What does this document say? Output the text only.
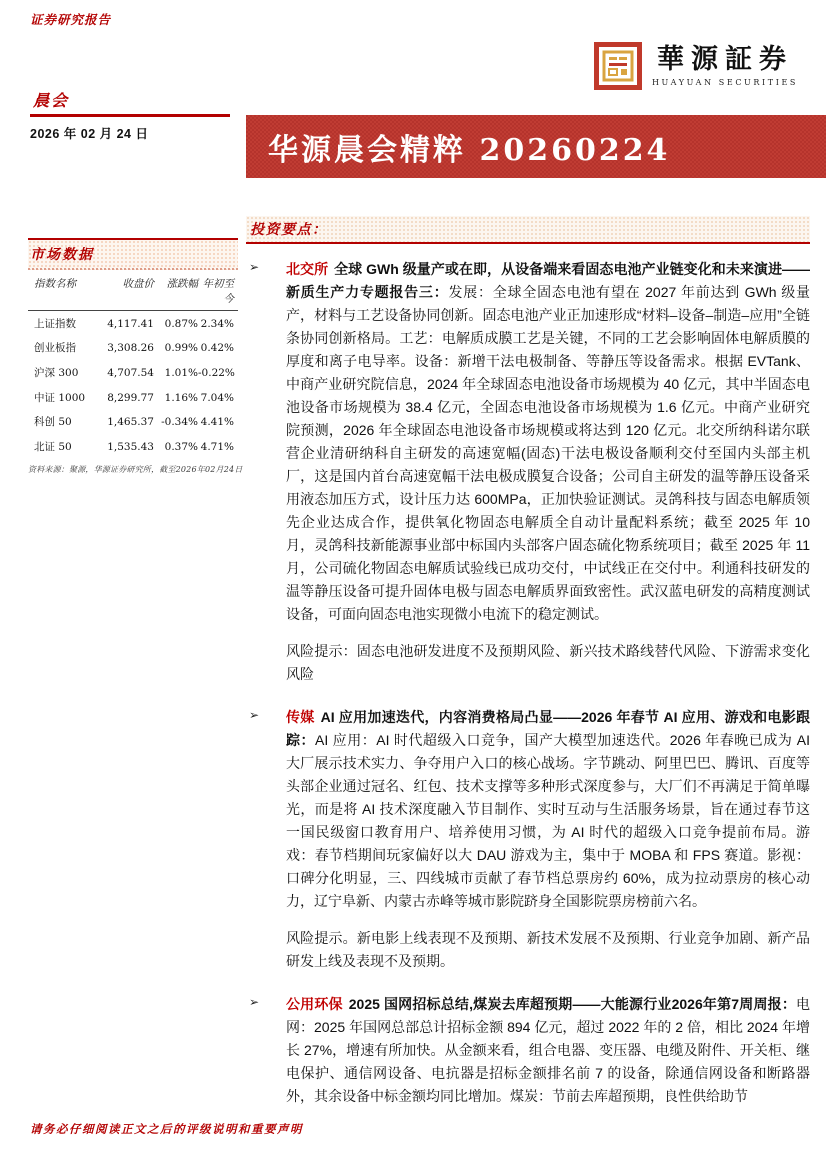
证券研究报告
華源証券
HUAYUAN SECURITIES
晨会
2026 年 02 月 24 日
市场数据
指数名称	收盘价	涨跌幅 年初至今
上证指数	4,117.41	0.87% 2.34%
创业板指	3,308.26	0.99% 0.42%
沪深 300	4,707.54	1.01% -0.22%
中证 1000	8,299.77	1.16% 7.04%
科创 50	1,465.37 -0.34% 4.41%
北证 50	1,535.43	0.37% 4.71%
资料来源：聚源，华源证券研究所，截至2026年02月24日
华源晨会精粹 20260224
投资要点：
➢	北交所 全球 GWh 级量产或在即，从设备端来看固态电池产业链变化和未来演进——新质生产力专题报告三：发展：全球全固态电池有望在 2027 年前达到 GWh 级量产，材料与工艺设备协同创新。固态电池产业正加速形成“材料–设备–制造–应用”全链条协同创新格局。工艺：电解质成膜工艺是关键，不同的工艺会影响固体电解质膜的厚度和离子电导率。设备：新增干法电极制备、等静压等设备需求。根据 EVTank、中商产业研究院信息，2024 年全球固态电池设备市场规模为 40 亿元，其中半固态电池设备市场规模为 38.4 亿元，全固态电池设备市场规模为 1.6 亿元。中商产业研究院预测，2026 年全球固态电池设备市场规模或将达到 120 亿元。北交所纳科诺尔联营企业清研纳科自主研发的高速宽幅(固态)干法电极设备顺利交付至国内头部主机厂，这是国内首台高速宽幅干法电极成膜复合设备；公司自主研发的温等静压设备采用液态加压方式，设计压力达 600MPa，正加快验证测试。灵鸽科技与固态电解质领先企业达成合作，提供氧化物固态电解质全自动计量配料系统；截至 2025 年 10 月，灵鸽科技新能源事业部中标国内头部客户固态硫化物系统项目；截至 2025 年 11 月，公司硫化物固态电解质试验线已成功交付，中试线正在交付中。利通科技研发的温等静压设备可提升固体电极与固态电解质界面致密性。武汉蓝电研发的高精度测试设备，可面向固态电池实现微小电流下的稳定测试。

风险提示：固态电池研发进度不及预期风险、新兴技术路线替代风险、下游需求变化风险

➢	传媒 AI 应用加速迭代，内容消费格局凸显——2026 年春节 AI 应用、游戏和电影跟踪：AI 应用：AI 时代超级入口竞争，国产大模型加速迭代。2026 年春晚已成为 AI 大厂展示技术实力、争夺用户入口的核心战场。字节跳动、阿里巴巴、腾讯、百度等头部企业通过冠名、红包、技术支撑等多种形式深度参与，大厂们不再满足于简单曝光，而是将 AI 技术深度融入节目制作、实时互动与生活服务场景，旨在通过春节这一国民级窗口教育用户、培养使用习惯，为 AI 时代的超级入口竞争提前布局。游戏：春节档期间玩家偏好以大 DAU 游戏为主，集中于 MOBA 和 FPS 赛道。影视：口碑分化明显，三、四线城市贡献了春节档总票房约 60%，成为拉动票房的核心动力，辽宁阜新、内蒙古赤峰等城市影院跻身全国影院票房榜前六名。

风险提示。新电影上线表现不及预期、新技术发展不及预期、行业竞争加剧、新产品研发上线及表现不及预期。

➢	公用环保 2025 国网招标总结,煤炭去库超预期——大能源行业2026年第7周周报：电网：2025 年国网总部总计招标金额 894 亿元，超过 2022 年的 2 倍，相比 2024 年增长 27%，增速有所加快。从金额来看，组合电器、变压器、电缆及附件、开关柜、继电保护、通信网设备、电抗器是招标金额排名前 7 的设备，除通信网设备和断路器外，其余设备中标金额均同比增加。煤炭：节前去库超预期，良性供给助节

请务必仔细阅读正文之后的评级说明和重要声明
